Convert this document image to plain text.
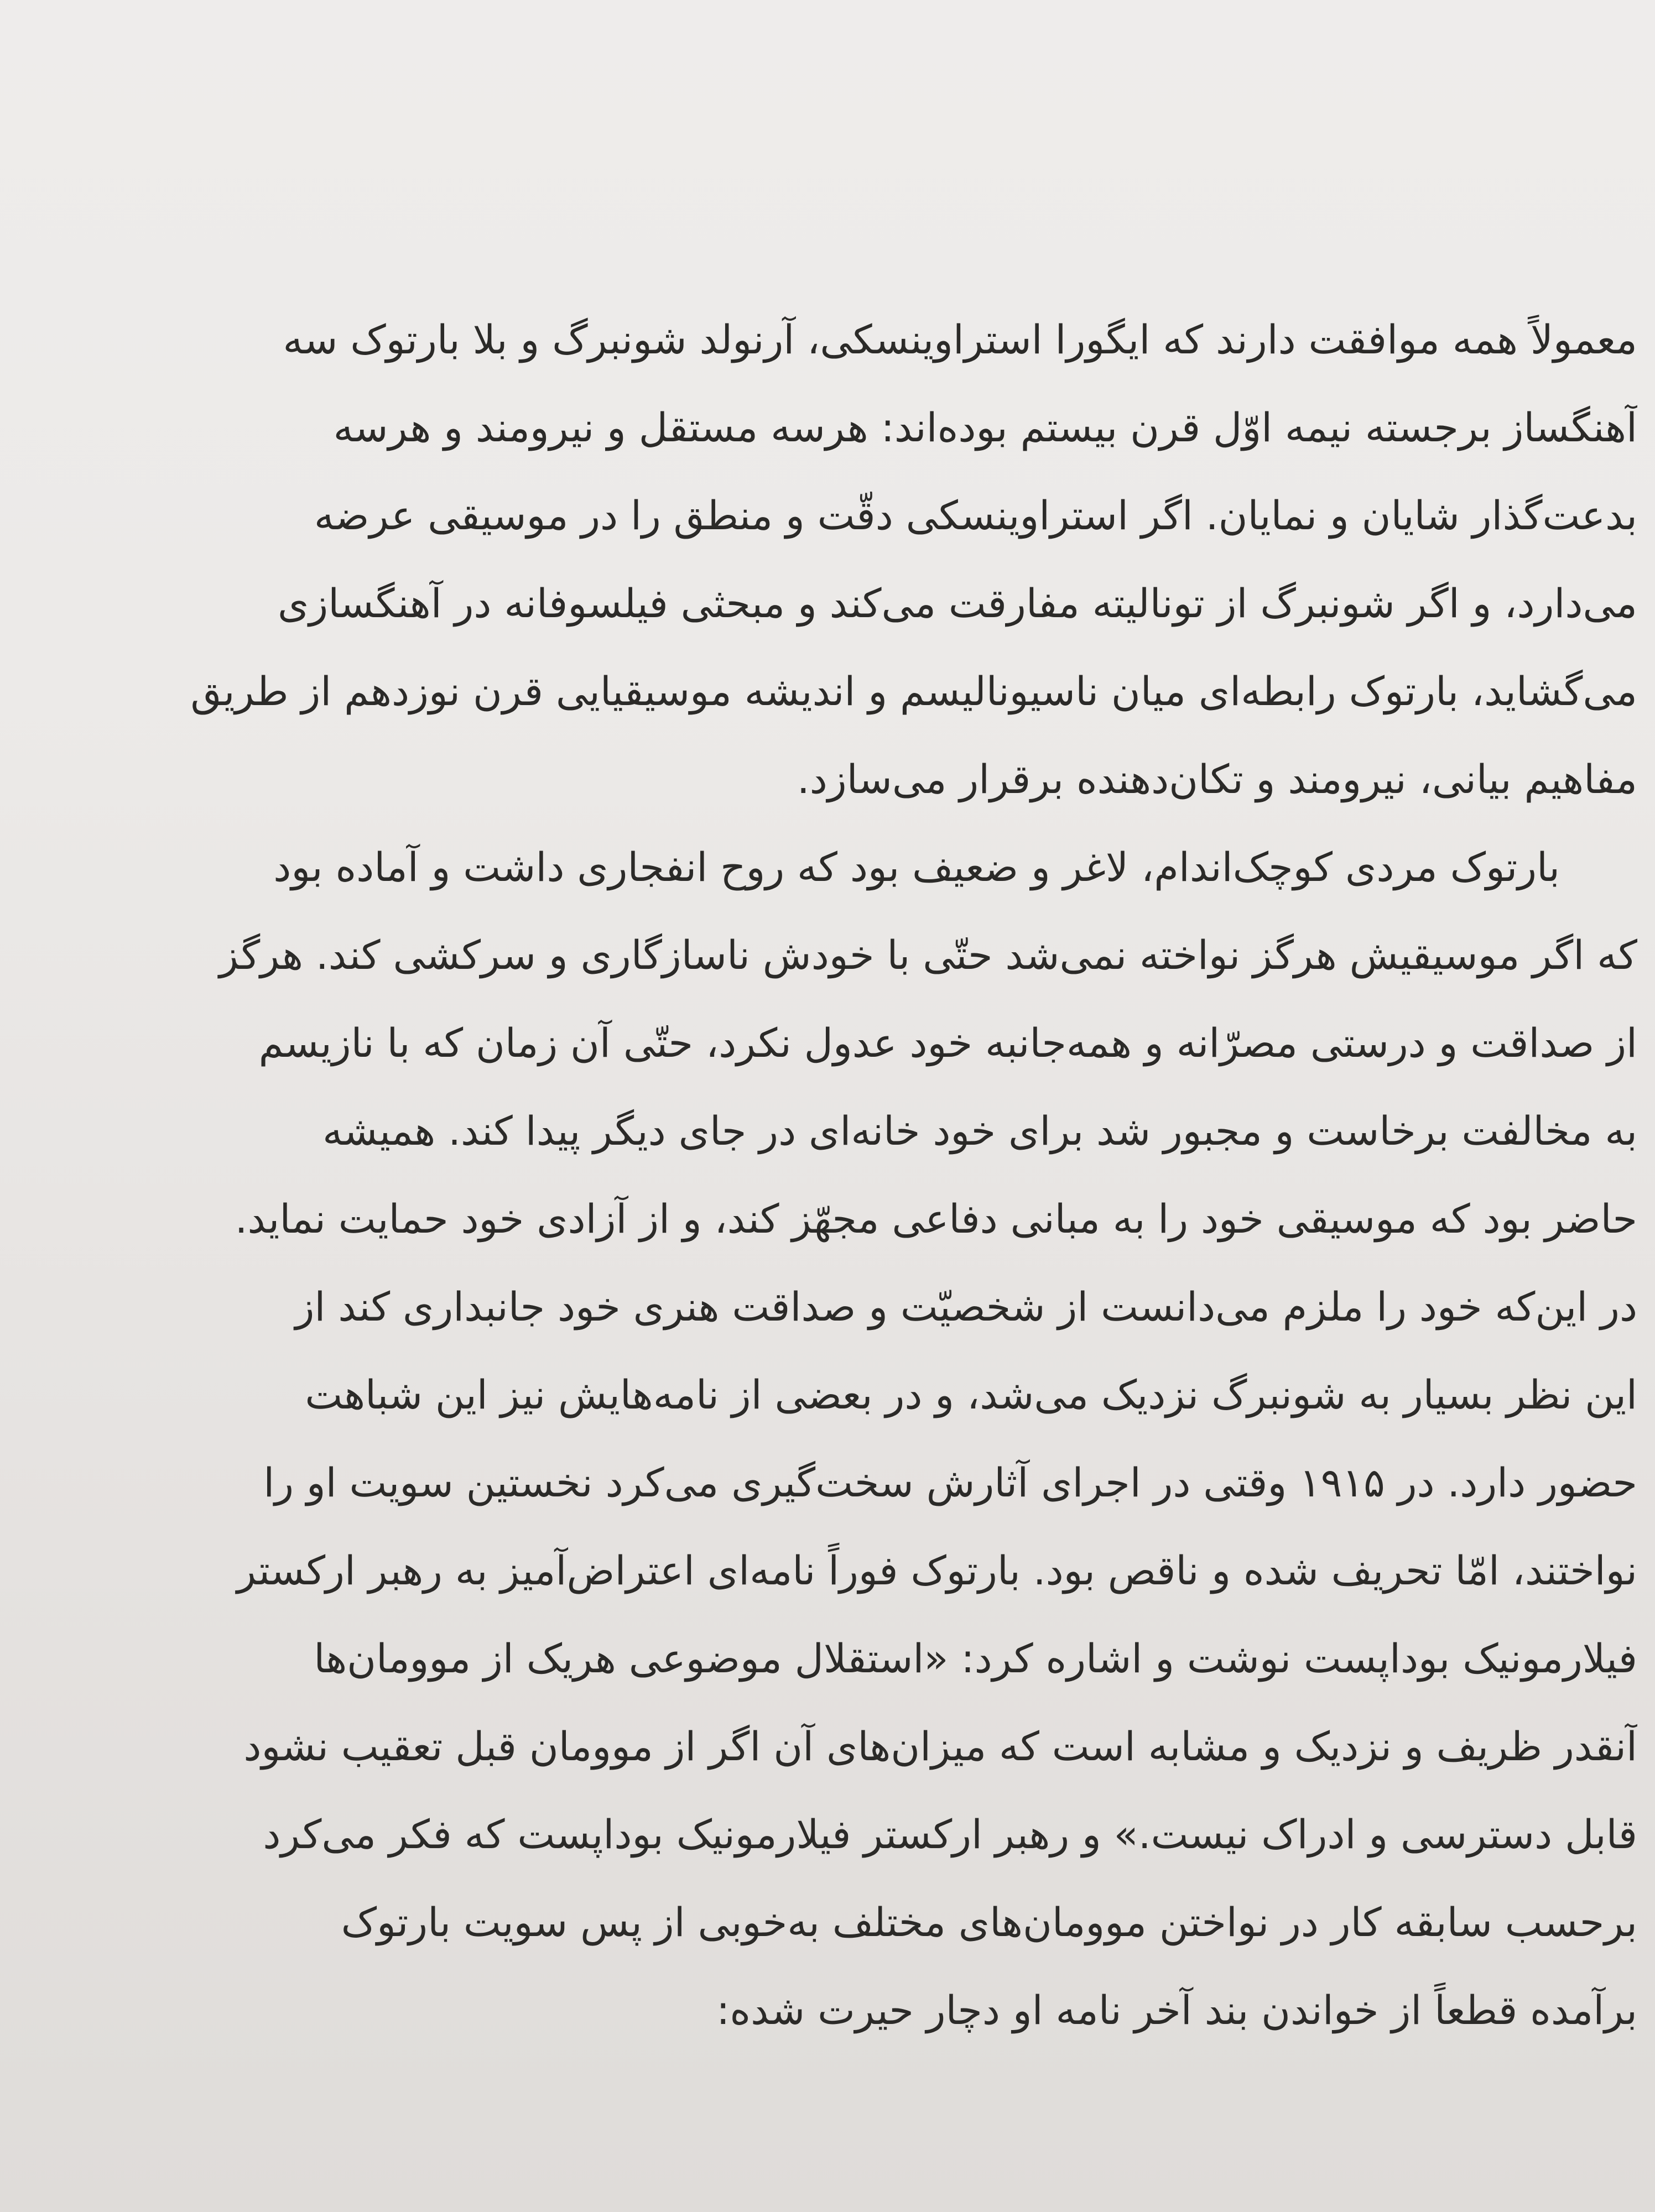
معمولاً همه موافقت دارند که ایگورا استراوینسکی، آرنولد شونبرگ و بلا بارتوک سه
آهنگساز برجسته نیمه اوّل قرن بیستم بوده‌اند: هرسه مستقل و نیرومند و هرسه
بدعت‌گذار شایان و نمایان. اگر استراوینسکی دقّت و منطق را در موسیقی عرضه
می‌دارد، و اگر شونبرگ از تونالیته مفارقت می‌کند و مبحثی فیلسوفانه در آهنگسازی
می‌گشاید، بارتوک رابطه‌ای میان ناسیونالیسم و اندیشه موسیقیایی قرن نوزدهم از طریق
مفاهیم بیانی، نیرومند و تکان‌دهنده برقرار می‌سازد.
بارتوک مردی کوچک‌اندام، لاغر و ضعیف بود که روح انفجاری داشت و آماده بود
که اگر موسیقیش هرگز نواخته نمی‌شد حتّی با خودش ناسازگاری و سرکشی کند. هرگز
از صداقت و درستی مصرّانه و همه‌جانبه خود عدول نکرد، حتّی آن زمان که با نازیسم
به مخالفت برخاست و مجبور شد برای خود خانه‌ای در جای دیگر پیدا کند. همیشه
حاضر بود که موسیقی خود را به مبانی دفاعی مجهّز کند، و از آزادی خود حمایت نماید.
در این‌که خود را ملزم می‌دانست از شخصیّت و صداقت هنری خود جانبداری کند از
این نظر بسیار به شونبرگ نزدیک می‌شد، و در بعضی از نامه‌هایش نیز این شباهت
حضور دارد. در ۱۹۱۵ وقتی در اجرای آثارش سخت‌گیری می‌کرد نخستین سویت او را
نواختند، امّا تحریف شده و ناقص بود. بارتوک فوراً نامه‌ای اعتراض‌آمیز به رهبر ارکستر
فیلارمونیک بوداپست نوشت و اشاره کرد: «استقلال موضوعی هریک از موومان‌ها
آنقدر ظریف و نزدیک و مشابه است که میزان‌های آن اگر از موومان قبل تعقیب نشود
قابل دسترسی و ادراک نیست.» و رهبر ارکستر فیلارمونیک بوداپست که فکر می‌کرد
برحسب سابقه کار در نواختن موومان‌های مختلف به‌خوبی از پس سویت بارتوک
برآمده قطعاً از خواندن بند آخر نامه او دچار حیرت شده:
